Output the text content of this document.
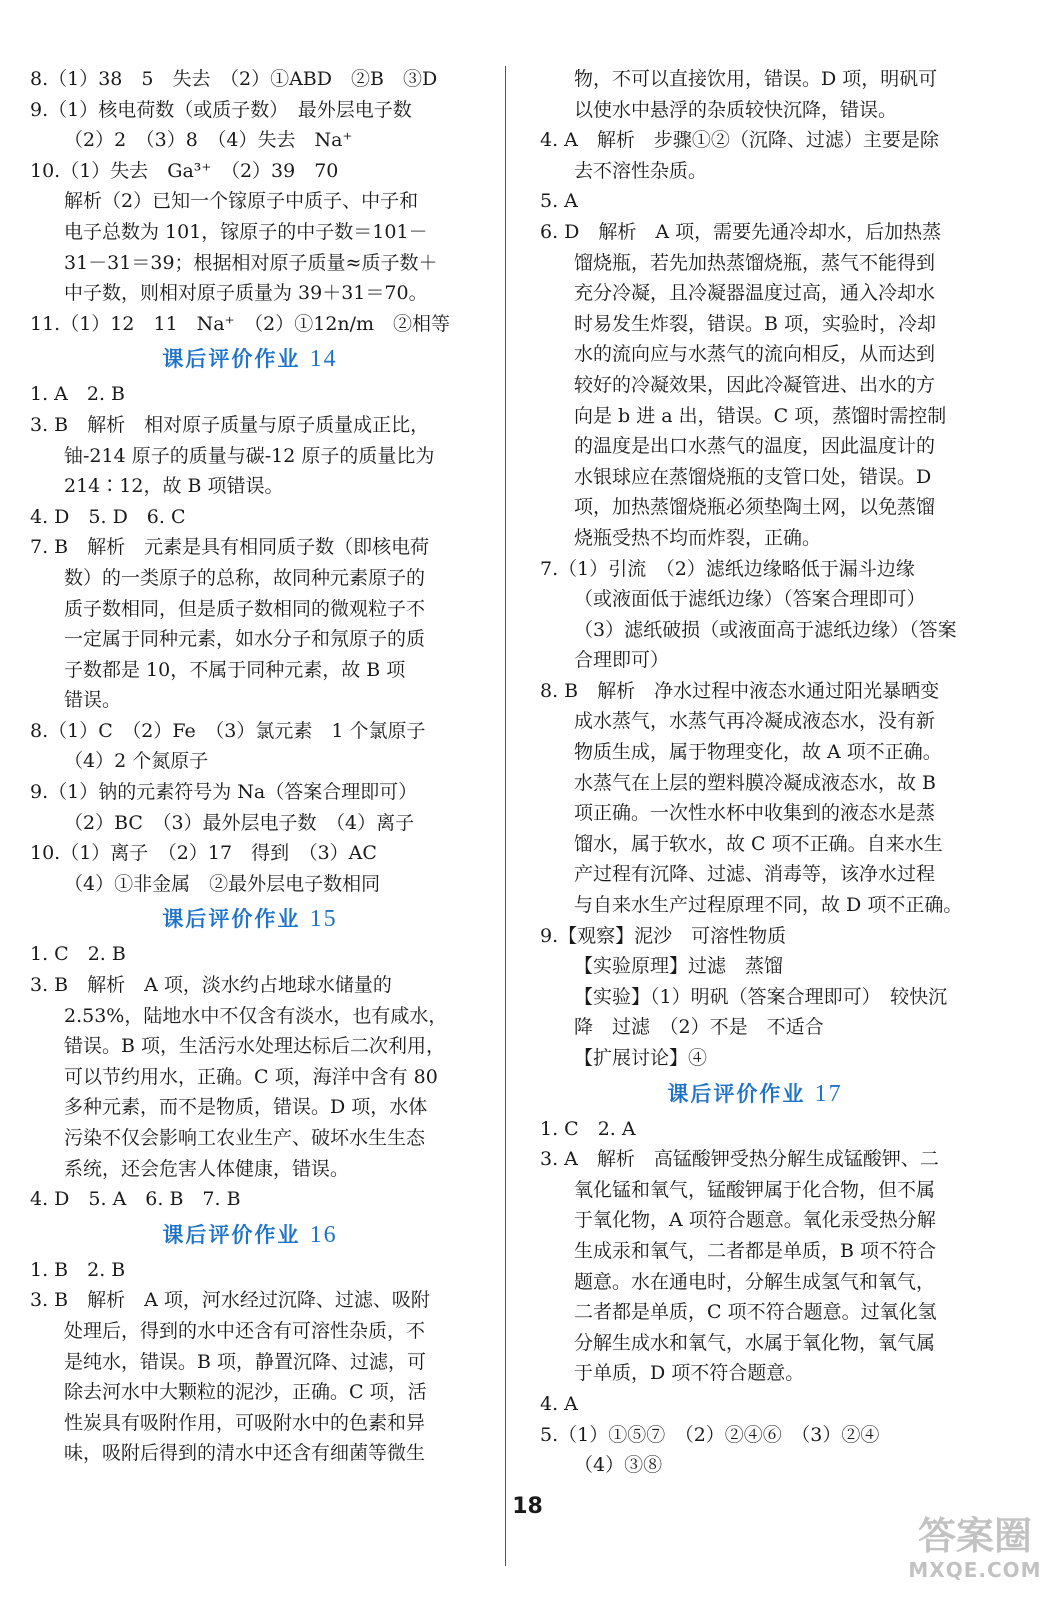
8.（1）38　5　失去　（2）①ABD　②B　③D
9.（1）核电荷数（或质子数）　最外层电子数
（2）2　（3）8　（4）失去　Na⁺
10.（1）失去　Ga³⁺　（2）39　70
解析（2）已知一个镓原子中质子、中子和
电子总数为 101，镓原子的中子数＝101－
31－31＝39；根据相对原子质量≈质子数＋
中子数，则相对原子质量为 39＋31＝70。
11.（1）12　11　Na⁺　（2）①12n/m　②相等
课后评价作业 14
1. A　2. B
3. B　解析　相对原子质量与原子质量成正比，
铀-214 原子的质量与碳-12 原子的质量比为
214∶12，故 B 项错误。
4. D　5. D　6. C
7. B　解析　元素是具有相同质子数（即核电荷
数）的一类原子的总称，故同种元素原子的
质子数相同，但是质子数相同的微观粒子不
一定属于同种元素，如水分子和氖原子的质
子数都是 10，不属于同种元素，故 B 项
错误。
8.（1）C　（2）Fe　（3）氯元素　1 个氯原子
（4）2 个氮原子
9.（1）钠的元素符号为 Na（答案合理即可）
（2）BC　（3）最外层电子数　（4）离子
10.（1）离子　（2）17　得到　（3）AC
（4）①非金属　②最外层电子数相同
课后评价作业 15
1. C　2. B
3. B　解析　A 项，淡水约占地球水储量的
2.53%，陆地水中不仅含有淡水，也有咸水，
错误。B 项，生活污水处理达标后二次利用，
可以节约用水，正确。C 项，海洋中含有 80
多种元素，而不是物质，错误。D 项，水体
污染不仅会影响工农业生产、破坏水生生态
系统，还会危害人体健康，错误。
4. D　5. A　6. B　7. B
课后评价作业 16
1. B　2. B
3. B　解析　A 项，河水经过沉降、过滤、吸附
处理后，得到的水中还含有可溶性杂质，不
是纯水，错误。B 项，静置沉降、过滤，可
除去河水中大颗粒的泥沙，正确。C 项，活
性炭具有吸附作用，可吸附水中的色素和异
味，吸附后得到的清水中还含有细菌等微生
物，不可以直接饮用，错误。D 项，明矾可
以使水中悬浮的杂质较快沉降，错误。
4. A　解析　步骤①②（沉降、过滤）主要是除
去不溶性杂质。
5. A
6. D　解析　A 项，需要先通冷却水，后加热蒸
馏烧瓶，若先加热蒸馏烧瓶，蒸气不能得到
充分冷凝，且冷凝器温度过高，通入冷却水
时易发生炸裂，错误。B 项，实验时，冷却
水的流向应与水蒸气的流向相反，从而达到
较好的冷凝效果，因此冷凝管进、出水的方
向是 b 进 a 出，错误。C 项，蒸馏时需控制
的温度是出口水蒸气的温度，因此温度计的
水银球应在蒸馏烧瓶的支管口处，错误。D
项，加热蒸馏烧瓶必须垫陶土网，以免蒸馏
烧瓶受热不均而炸裂，正确。
7.（1）引流　（2）滤纸边缘略低于漏斗边缘
（或液面低于滤纸边缘）（答案合理即可）
（3）滤纸破损（或液面高于滤纸边缘）（答案
合理即可）
8. B　解析　净水过程中液态水通过阳光暴晒变
成水蒸气，水蒸气再冷凝成液态水，没有新
物质生成，属于物理变化，故 A 项不正确。
水蒸气在上层的塑料膜冷凝成液态水，故 B
项正确。一次性水杯中收集到的液态水是蒸
馏水，属于软水，故 C 项不正确。自来水生
产过程有沉降、过滤、消毒等，该净水过程
与自来水生产过程原理不同，故 D 项不正确。
9.【观察】泥沙　可溶性物质
【实验原理】过滤　蒸馏
【实验】（1）明矾（答案合理即可）　较快沉
降　过滤　（2）不是　不适合
【扩展讨论】④
课后评价作业 17
1. C　2. A
3. A　解析　高锰酸钾受热分解生成锰酸钾、二
氧化锰和氧气，锰酸钾属于化合物，但不属
于氧化物，A 项符合题意。氧化汞受热分解
生成汞和氧气，二者都是单质，B 项不符合
题意。水在通电时，分解生成氢气和氧气，
二者都是单质，C 项不符合题意。过氧化氢
分解生成水和氧气，水属于氧化物，氧气属
于单质，D 项不符合题意。
4. A
5.（1）①⑤⑦　（2）②④⑥　（3）②④
（4）③⑧
18
答案圈
MXQE.COM
